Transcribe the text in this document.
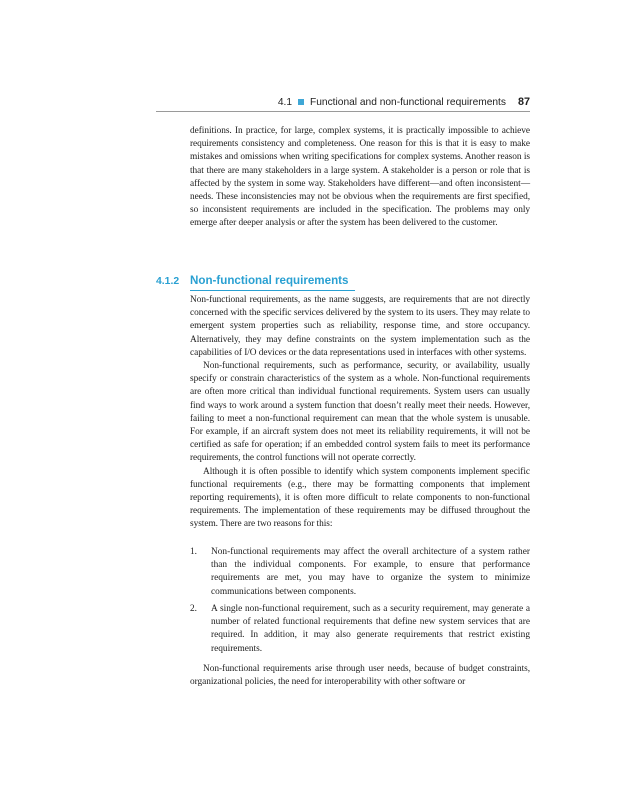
4.1 Functional and non-functional requirements 87

definitions. In practice, for large, complex systems, it is practically impossible to achieve requirements consistency and completeness. One reason for this is that it is easy to make mistakes and omissions when writing specifications for complex systems. Another reason is that there are many stakeholders in a large system. A stakeholder is a person or role that is affected by the system in some way. Stakeholders have different—and often inconsistent—needs. These inconsistencies may not be obvious when the requirements are first specified, so inconsistent requirements are included in the specification. The problems may only emerge after deeper analysis or after the system has been delivered to the customer.

4.1.2 Non-functional requirements

Non-functional requirements, as the name suggests, are requirements that are not directly concerned with the specific services delivered by the system to its users. They may relate to emergent system properties such as reliability, response time, and store occupancy. Alternatively, they may define constraints on the system implementation such as the capabilities of I/O devices or the data representations used in interfaces with other systems.

Non-functional requirements, such as performance, security, or availability, usually specify or constrain characteristics of the system as a whole. Non-functional requirements are often more critical than individual functional requirements. System users can usually find ways to work around a system function that doesn’t really meet their needs. However, failing to meet a non-functional requirement can mean that the whole system is unusable. For example, if an aircraft system does not meet its reliability requirements, it will not be certified as safe for operation; if an embedded control system fails to meet its performance requirements, the control functions will not operate correctly.

Although it is often possible to identify which system components implement specific functional requirements (e.g., there may be formatting components that implement reporting requirements), it is often more difficult to relate components to non-functional requirements. The implementation of these requirements may be diffused throughout the system. There are two reasons for this:

1. Non-functional requirements may affect the overall architecture of a system rather than the individual components. For example, to ensure that performance requirements are met, you may have to organize the system to minimize communications between components.
2. A single non-functional requirement, such as a security requirement, may generate a number of related functional requirements that define new system services that are required. In addition, it may also generate requirements that restrict existing requirements.

Non-functional requirements arise through user needs, because of budget constraints, organizational policies, the need for interoperability with other software or
